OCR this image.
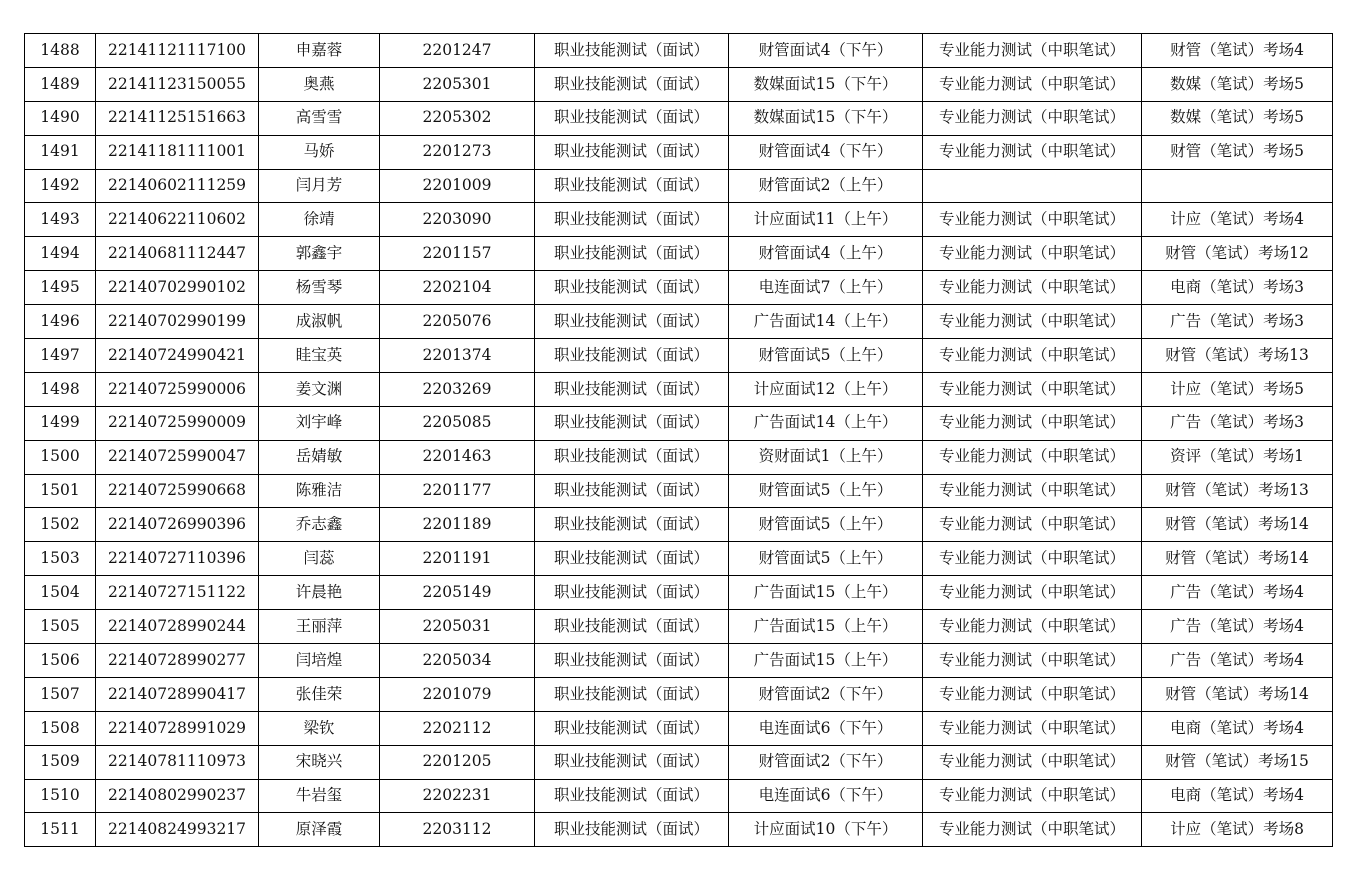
1488	22141121117100	申嘉蓉	2201247	职业技能测试（面试）	财管面试4（下午）	专业能力测试（中职笔试）	财管（笔试）考场4
1489	22141123150055	奥燕	2205301	职业技能测试（面试）	数媒面试15（下午）	专业能力测试（中职笔试）	数媒（笔试）考场5
1490	22141125151663	高雪雪	2205302	职业技能测试（面试）	数媒面试15（下午）	专业能力测试（中职笔试）	数媒（笔试）考场5
1491	22141181111001	马娇	2201273	职业技能测试（面试）	财管面试4（下午）	专业能力测试（中职笔试）	财管（笔试）考场5
1492	22140602111259	闫月芳	2201009	职业技能测试（面试）	财管面试2（上午）		
1493	22140622110602	徐靖	2203090	职业技能测试（面试）	计应面试11（上午）	专业能力测试（中职笔试）	计应（笔试）考场4
1494	22140681112447	郭鑫宇	2201157	职业技能测试（面试）	财管面试4（上午）	专业能力测试（中职笔试）	财管（笔试）考场12
1495	22140702990102	杨雪琴	2202104	职业技能测试（面试）	电连面试7（上午）	专业能力测试（中职笔试）	电商（笔试）考场3
1496	22140702990199	成淑帆	2205076	职业技能测试（面试）	广告面试14（上午）	专业能力测试（中职笔试）	广告（笔试）考场3
1497	22140724990421	眭宝英	2201374	职业技能测试（面试）	财管面试5（上午）	专业能力测试（中职笔试）	财管（笔试）考场13
1498	22140725990006	姜文渊	2203269	职业技能测试（面试）	计应面试12（上午）	专业能力测试（中职笔试）	计应（笔试）考场5
1499	22140725990009	刘宇峰	2205085	职业技能测试（面试）	广告面试14（上午）	专业能力测试（中职笔试）	广告（笔试）考场3
1500	22140725990047	岳婧敏	2201463	职业技能测试（面试）	资财面试1（上午）	专业能力测试（中职笔试）	资评（笔试）考场1
1501	22140725990668	陈雅洁	2201177	职业技能测试（面试）	财管面试5（上午）	专业能力测试（中职笔试）	财管（笔试）考场13
1502	22140726990396	乔志鑫	2201189	职业技能测试（面试）	财管面试5（上午）	专业能力测试（中职笔试）	财管（笔试）考场14
1503	22140727110396	闫蕊	2201191	职业技能测试（面试）	财管面试5（上午）	专业能力测试（中职笔试）	财管（笔试）考场14
1504	22140727151122	许晨艳	2205149	职业技能测试（面试）	广告面试15（上午）	专业能力测试（中职笔试）	广告（笔试）考场4
1505	22140728990244	王丽萍	2205031	职业技能测试（面试）	广告面试15（上午）	专业能力测试（中职笔试）	广告（笔试）考场4
1506	22140728990277	闫培煌	2205034	职业技能测试（面试）	广告面试15（上午）	专业能力测试（中职笔试）	广告（笔试）考场4
1507	22140728990417	张佳荣	2201079	职业技能测试（面试）	财管面试2（下午）	专业能力测试（中职笔试）	财管（笔试）考场14
1508	22140728991029	梁钦	2202112	职业技能测试（面试）	电连面试6（下午）	专业能力测试（中职笔试）	电商（笔试）考场4
1509	22140781110973	宋晓兴	2201205	职业技能测试（面试）	财管面试2（下午）	专业能力测试（中职笔试）	财管（笔试）考场15
1510	22140802990237	牛岩玺	2202231	职业技能测试（面试）	电连面试6（下午）	专业能力测试（中职笔试）	电商（笔试）考场4
1511	22140824993217	原泽霞	2203112	职业技能测试（面试）	计应面试10（下午）	专业能力测试（中职笔试）	计应（笔试）考场8
